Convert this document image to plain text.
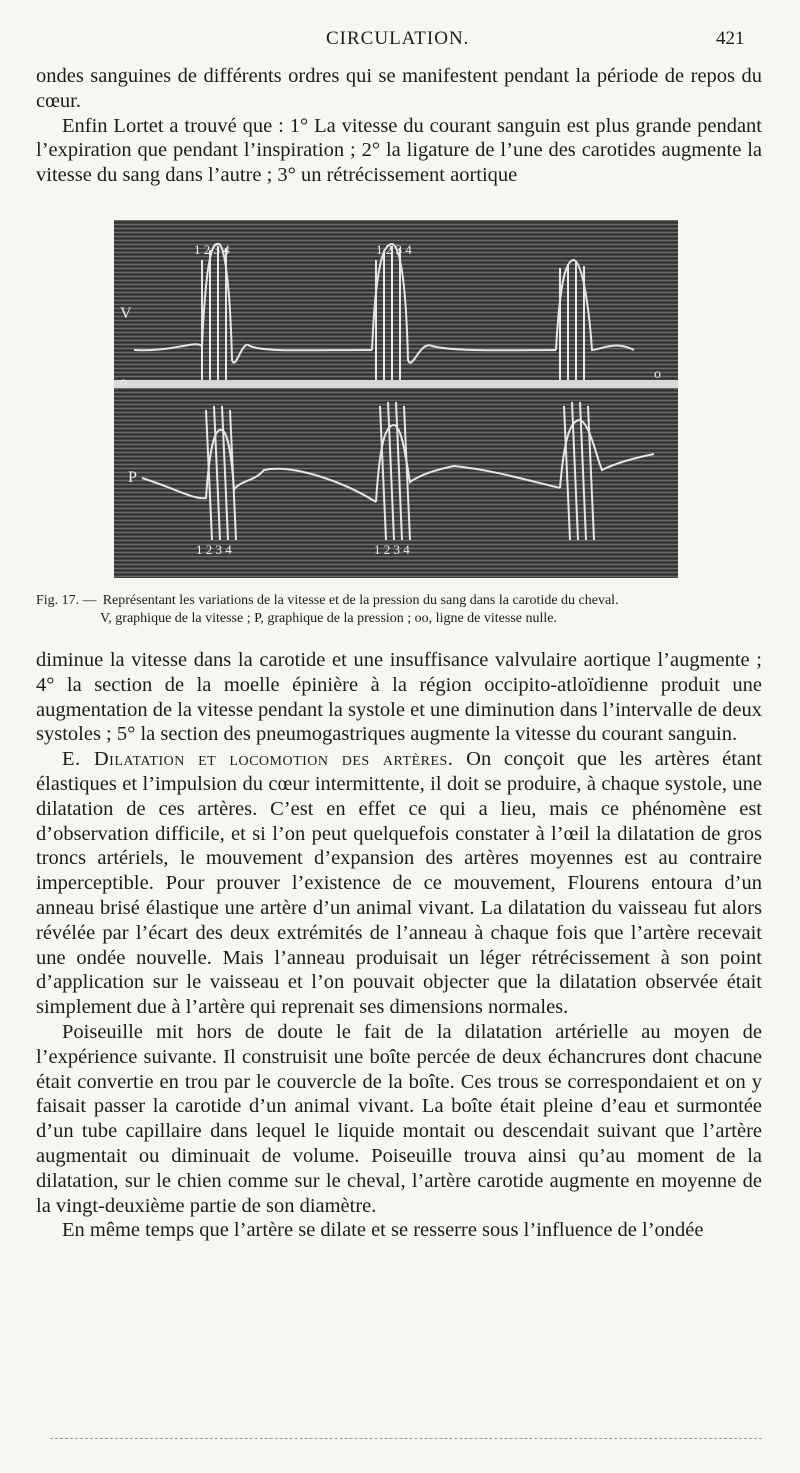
CIRCULATION.	421

ondes sanguines de différents ordres qui se manifestent pendant la période de repos du cœur.

Enfin Lortet a trouvé que : 1° La vitesse du courant sanguin est plus grande pendant l’expiration que pendant l’inspiration ; 2° la ligature de l’une des carotides augmente la vitesse du sang dans l’autre ; 3° un rétrécissement aortique

V
o
o
P
1 2 3 4	1 2 3 4
1 2 3 4	1 2 3 4
Fig. 17. — Représentant les variations de la vitesse et de la pression du sang dans la carotide du cheval.
V, graphique de la vitesse ; P, graphique de la pression ; oo, ligne de vitesse nulle.

diminue la vitesse dans la carotide et une insuffisance valvulaire aortique l’augmente ; 4° la section de la moelle épinière à la région occipito-atloïdienne produit une augmentation de la vitesse pendant la systole et une diminution dans l’intervalle de deux systoles ; 5° la section des pneumogastriques augmente la vitesse du courant sanguin.

E. Dilatation et locomotion des artères. On conçoit que les artères étant élastiques et l’impulsion du cœur intermittente, il doit se produire, à chaque systole, une dilatation de ces artères. C’est en effet ce qui a lieu, mais ce phénomène est d’observation difficile, et si l’on peut quelquefois constater à l’œil la dilatation de gros troncs artériels, le mouvement d’expansion des artères moyennes est au contraire imperceptible. Pour prouver l’existence de ce mouvement, Flourens entoura d’un anneau brisé élastique une artère d’un animal vivant. La dilatation du vaisseau fut alors révélée par l’écart des deux extrémités de l’anneau à chaque fois que l’artère recevait une ondée nouvelle. Mais l’anneau produisait un léger rétrécissement à son point d’application sur le vaisseau et l’on pouvait objecter que la dilatation observée était simplement due à l’artère qui reprenait ses dimensions normales.

Poiseuille mit hors de doute le fait de la dilatation artérielle au moyen de l’expérience suivante. Il construisit une boîte percée de deux échancrures dont chacune était convertie en trou par le couvercle de la boîte. Ces trous se correspondaient et on y faisait passer la carotide d’un animal vivant. La boîte était pleine d’eau et surmontée d’un tube capillaire dans lequel le liquide montait ou descendait suivant que l’artère augmentait ou diminuait de volume. Poiseuille trouva ainsi qu’au moment de la dilatation, sur le chien comme sur le cheval, l’artère carotide augmente en moyenne de la vingt-deuxième partie de son diamètre.

En même temps que l’artère se dilate et se resserre sous l’influence de l’ondée
